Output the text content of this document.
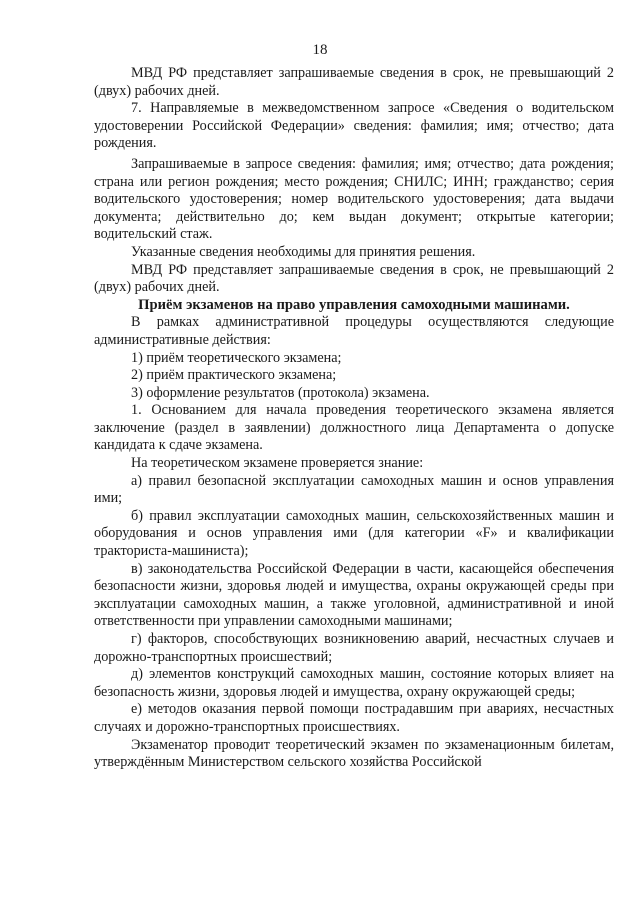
18

МВД РФ представляет запрашиваемые сведения в срок, не превышающий 2 (двух) рабочих дней.

7. Направляемые в межведомственном запросе «Сведения о водительском удостоверении Российской Федерации» сведения: фамилия; имя; отчество; дата рождения.

Запрашиваемые в запросе сведения: фамилия; имя; отчество; дата рождения; страна или регион рождения; место рождения; СНИЛС; ИНН; гражданство; серия водительского удостоверения; номер водительского удостоверения; дата выдачи документа; действительно до; кем выдан документ; открытые категории; водительский стаж.

Указанные сведения необходимы для принятия решения.

МВД РФ представляет запрашиваемые сведения в срок, не превышающий 2 (двух) рабочих дней.

Приём экзаменов на право управления самоходными машинами.

В рамках административной процедуры осуществляются следующие административные действия:

1) приём теоретического экзамена;

2) приём практического экзамена;

3) оформление результатов (протокола) экзамена.

1. Основанием для начала проведения теоретического экзамена является заключение (раздел в заявлении) должностного лица Департамента о допуске кандидата к сдаче экзамена.

На теоретическом экзамене проверяется знание:

а) правил безопасной эксплуатации самоходных машин и основ управления ими;

б) правил эксплуатации самоходных машин, сельскохозяйственных машин и оборудования и основ управления ими (для категории «F» и квалификации тракториста-машиниста);

в) законодательства Российской Федерации в части, касающейся обеспечения безопасности жизни, здоровья людей и имущества, охраны окружающей среды при эксплуатации самоходных машин, а также уголовной, административной и иной ответственности при управлении самоходными машинами;

г) факторов, способствующих возникновению аварий, несчастных случаев и дорожно-транспортных происшествий;

д) элементов конструкций самоходных машин, состояние которых влияет на безопасность жизни, здоровья людей и имущества, охрану окружающей среды;

е) методов оказания первой помощи пострадавшим при авариях, несчастных случаях и дорожно-транспортных происшествиях.

Экзаменатор проводит теоретический экзамен по экзаменационным билетам, утверждённым Министерством сельского хозяйства Российской
